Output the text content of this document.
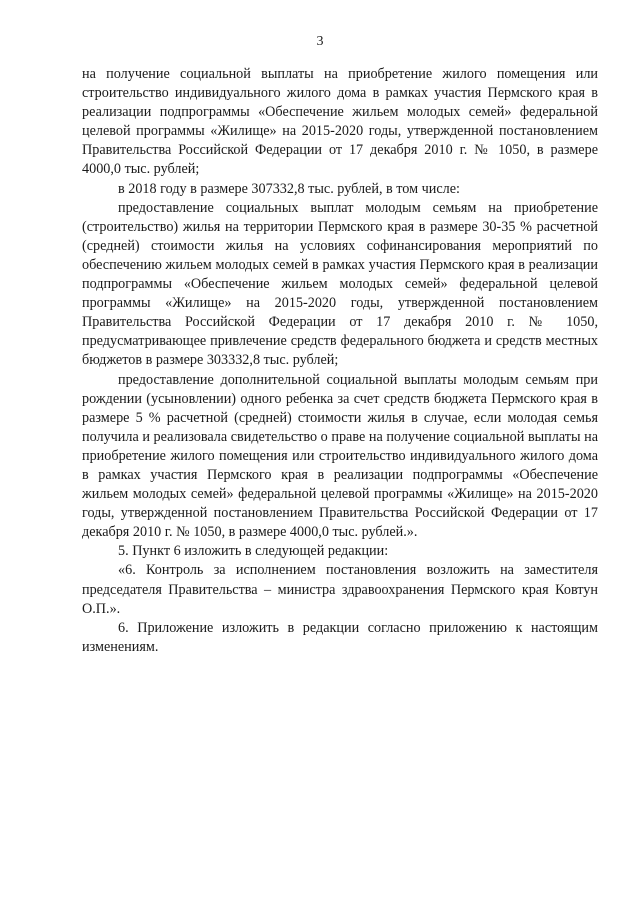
3

на получение социальной выплаты на приобретение жилого помещения или строительство индивидуального жилого дома в рамках участия Пермского края в реализации подпрограммы «Обеспечение жильем молодых семей» федеральной целевой программы «Жилище» на 2015-2020 годы, утвержденной постановлением Правительства Российской Федерации от 17 декабря 2010 г. № 1050, в размере 4000,0 тыс. рублей;

в 2018 году в размере 307332,8 тыс. рублей, в том числе:

предоставление социальных выплат молодым семьям на приобретение (строительство) жилья на территории Пермского края в размере 30-35 % расчетной (средней) стоимости жилья на условиях софинансирования мероприятий по обеспечению жильем молодых семей в рамках участия Пермского края в реализации подпрограммы «Обеспечение жильем молодых семей» федеральной целевой программы «Жилище» на 2015-2020 годы, утвержденной постановлением Правительства Российской Федерации от 17 декабря 2010 г. № 1050, предусматривающее привлечение средств федерального бюджета и средств местных бюджетов в размере 303332,8 тыс. рублей;

предоставление дополнительной социальной выплаты молодым семьям при рождении (усыновлении) одного ребенка за счет средств бюджета Пермского края в размере 5 % расчетной (средней) стоимости жилья в случае, если молодая семья получила и реализовала свидетельство о праве на получение социальной выплаты на приобретение жилого помещения или строительство индивидуального жилого дома в рамках участия Пермского края в реализации подпрограммы «Обеспечение жильем молодых семей» федеральной целевой программы «Жилище» на 2015-2020 годы, утвержденной постановлением Правительства Российской Федерации от 17 декабря 2010 г. № 1050, в размере 4000,0 тыс. рублей.».

5. Пункт 6 изложить в следующей редакции:

«6. Контроль за исполнением постановления возложить на заместителя председателя Правительства – министра здравоохранения Пермского края Ковтун О.П.».

6. Приложение изложить в редакции согласно приложению к настоящим изменениям.
